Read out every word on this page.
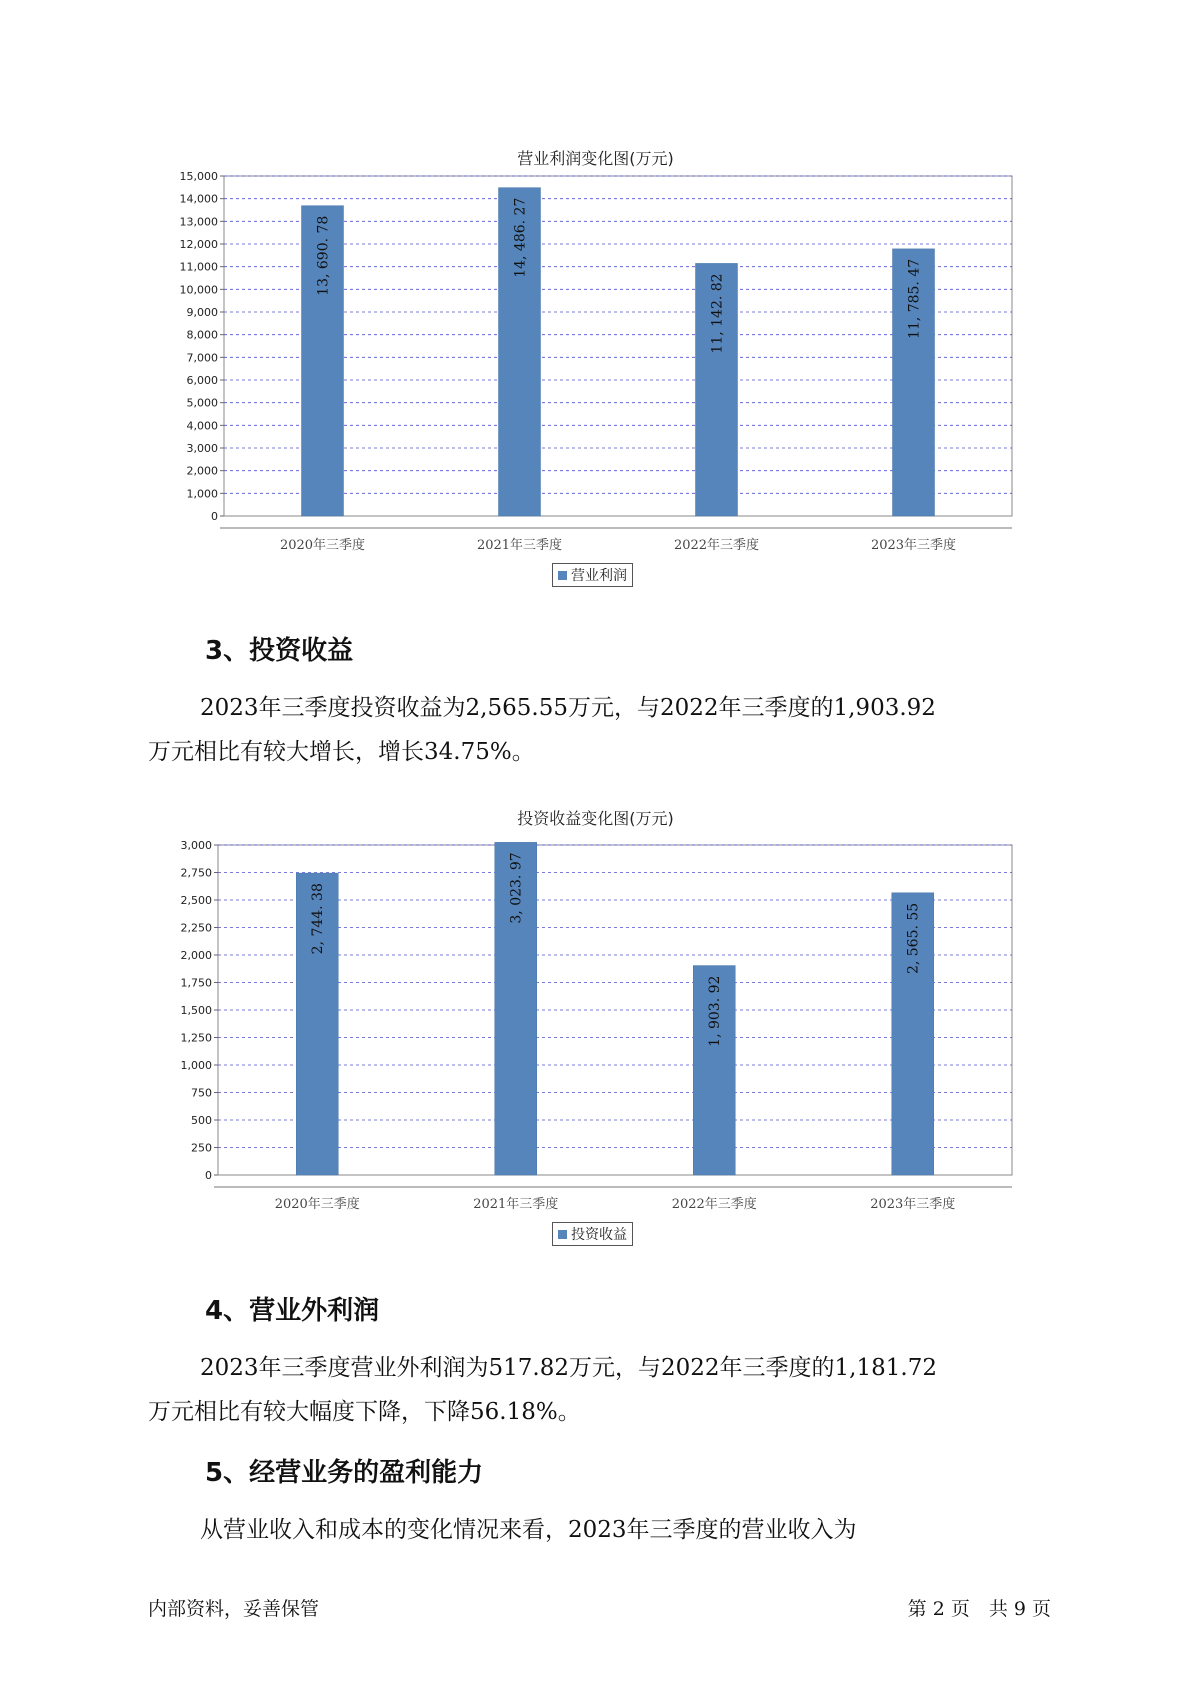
营业利润变化图(万元)
0
1,000
2,000
3,000
4,000
5,000
6,000
7,000
8,000
9,000
10,000
11,000
12,000
13,000
14,000
15,000
13, 690. 78
2020年三季度
14, 486. 27
2021年三季度
11, 142. 82
2022年三季度
11, 785. 47
2023年三季度
营业利润
3、投资收益
2023年三季度投资收益为2,565.55万元，与2022年三季度的1,903.92
万元相比有较大增长，增长34.75%。
投资收益变化图(万元)
0
250
500
750
1,000
1,250
1,500
1,750
2,000
2,250
2,500
2,750
3,000
2, 744. 38
2020年三季度
3, 023. 97
2021年三季度
1, 903. 92
2022年三季度
2, 565. 55
2023年三季度
投资收益
4、营业外利润
2023年三季度营业外利润为517.82万元，与2022年三季度的1,181.72
万元相比有较大幅度下降，下降56.18%。
5、经营业务的盈利能力
从营业收入和成本的变化情况来看，2023年三季度的营业收入为
内部资料，妥善保管	第 2 页　共 9 页
